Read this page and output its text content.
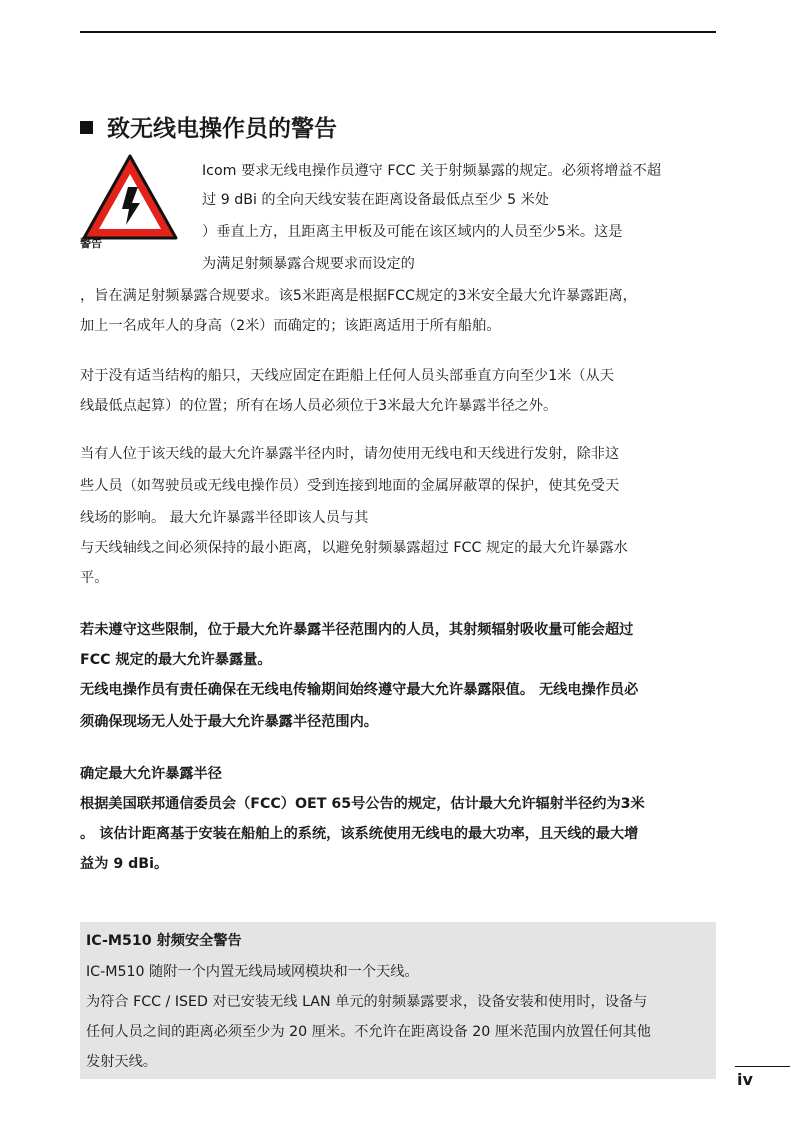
致无线电操作员的警告
警告
Icom 要求无线电操作员遵守 FCC 关于射频暴露的规定。必须将增益不超
过 9 dBi 的全向天线安装在距离设备最低点至少 5 米处
）垂直上方，且距离主甲板及可能在该区域内的人员至少5米。这是
为满足射频暴露合规要求而设定的
，旨在满足射频暴露合规要求。该5米距离是根据FCC规定的3米安全最大允许暴露距离，
加上一名成年人的身高（2米）而确定的；该距离适用于所有船舶。
对于没有适当结构的船只，天线应固定在距船上任何人员头部垂直方向至少1米（从天
线最低点起算）的位置；所有在场人员必须位于3米最大允许暴露半径之外。
当有人位于该天线的最大允许暴露半径内时，请勿使用无线电和天线进行发射，除非这
些人员（如驾驶员或无线电操作员）受到连接到地面的金属屏蔽罩的保护，使其免受天
线场的影响。 最大允许暴露半径即该人员与其
与天线轴线之间必须保持的最小距离，以避免射频暴露超过 FCC 规定的最大允许暴露水
平。
若未遵守这些限制，位于最大允许暴露半径范围内的人员，其射频辐射吸收量可能会超过
FCC 规定的最大允许暴露量。
无线电操作员有责任确保在无线电传输期间始终遵守最大允许暴露限值。 无线电操作员必
须确保现场无人处于最大允许暴露半径范围内。
确定最大允许暴露半径
根据美国联邦通信委员会（FCC）OET 65号公告的规定，估计最大允许辐射半径约为3米
。 该估计距离基于安装在船舶上的系统，该系统使用无线电的最大功率，且天线的最大增
益为 9 dBi。
IC-M510 射频安全警告
IC-M510 随附一个内置无线局域网模块和一个天线。
为符合 FCC / ISED 对已安装无线 LAN 单元的射频暴露要求，设备安装和使用时，设备与
任何人员之间的距离必须至少为 20 厘米。不允许在距离设备 20 厘米范围内放置任何其他
发射天线。
iv
